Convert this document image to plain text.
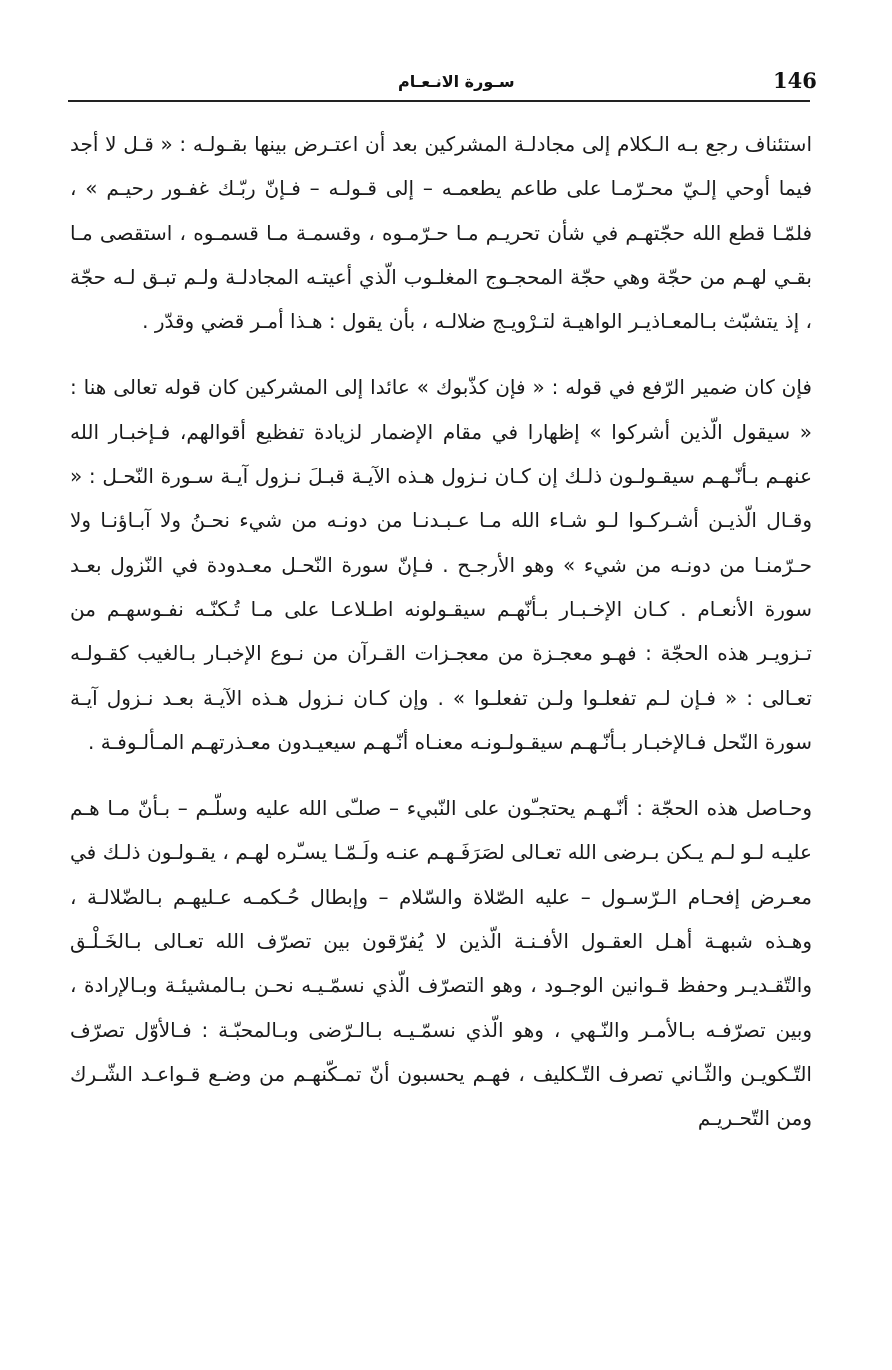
146
سـورة الانـعـام

استئناف رجع بـه الـكلام إلى مجادلـة المشركين بعد أن اعتـرض بينها بقـولـه : « قـل لا أجد فيما أوحي إلـيّ محـرّمـا على طاعم يطعمـه – إلى قـولـه – فـإنّ ربّـك غفـور رحيـم » ، فلمّـا قطع الله حجّتهـم في شأن تحريـم مـا حـرّمـوه ، وقسمـة مـا قسمـوه ، استقصى مـا بقـي لهـم من حجّة وهي حجّة المحجـوج المغلـوب الّذي أعيتـه المجادلـة ولـم تبـق لـه حجّة ، إذ يتشبّث بـالمعـاذيـر الواهيـة لتـرْويـج ضلالـه ، بأن يقول : هـذا أمـر قضي وقدّر .

فإن كان ضمير الرّفع في قوله : « فإن كذّبوك » عائدا إلى المشركين كان قوله تعالى هنا : « سيقول الّذين أشركوا » إظهارا في مقام الإضمار لزيادة تفظيع أقوالهم، فـإخبـار الله عنهـم بـأنّـهـم سيقـولـون ذلـك إن كـان نـزول هـذه الآيـة قبـلَ نـزول آيـة سـورة النّحـل : « وقـال الّذيـن أشـركـوا لـو شـاء الله مـا عـبـدنـا من دونـه من شيء نحـنُ ولا آبـاؤنـا ولا حـرّمنـا من دونـه من شيء » وهو الأرجـح . فـإنّ سورة النّحـل معـدودة في النّزول بعـد سورة الأنعـام . كـان الإخـبـار بـأنّهـم سيقـولونه اطـلاعـا على مـا تُـكنّـه نفـوسهـم من تـزويـر هذه الحجّة : فهـو معجـزة من معجـزات القـرآن من نـوع الإخبـار بـالغيب كقـولـه تعـالى : « فـإن لـم تفعلـوا ولـن تفعلـوا » . وإن كـان نـزول هـذه الآيـة بعـد نـزول آيـة سورة النّحل فـالإخبـار بـأنّـهـم سيقـولـونـه معنـاه أنّـهـم سيعيـدون معـذرتهـم المـألـوفـة .

وحـاصل هذه الحجّة : أنّـهـم يحتجـّون على النّبيء – صلـّى الله عليه وسلّـم – بـأنّ مـا هـم عليـه لـو لـم يـكن بـرضى الله تعـالى لصَرَفَـهـم عنـه ولَـمّـا يسـّره لهـم ، يقـولـون ذلـك في معـرض إفحـام الـرّسـول – عليه الصّلاة والسّلام – وإبطال حُـكمـه عـليهـم بـالضّلالـة ، وهـذه شبهـة أهـل العقـول الأفـنـة الّذين لا يُفرّقون بين تصرّف الله تعـالى بـالخَـلْـق والتّقـديـر وحفظ قـوانين الوجـود ، وهو التصرّف الّذي نسمّـيـه نحـن بـالمشيئـة وبـالإرادة ، وبين تصرّفـه بـالأمـر والنّـهي ، وهو الّذي نسمّـيـه بـالـرّضى وبـالمحبّـة : فـالأوّل تصرّف التّـكويـن والثّـاني تصرف التّـكليف ، فهـم يحسبون أنّ تمـكّنهـم من وضـع قـواعـد الشّـرك ومن التّحـريـم
